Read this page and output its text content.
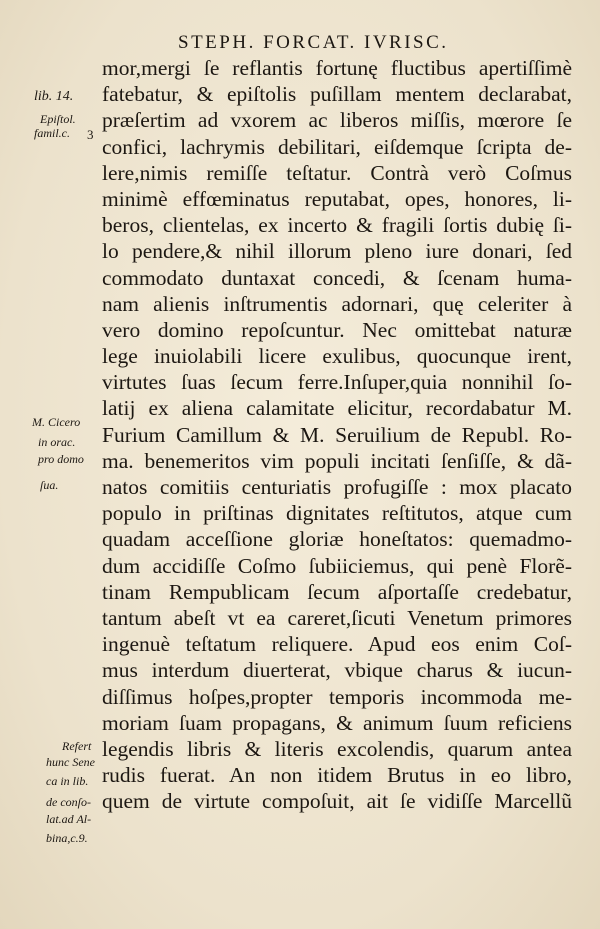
STEPH. FORCAT. IVRISC.
mor,mergi ſe reflantis fortunę fluctibus apertiſſimè
fatebatur, & epiſtolis puſillam mentem declarabat,
præſertim ad vxorem ac liberos miſſis, mœrore ſe
confici, lachrymis debilitari, eiſdemque ſcripta de-
lere,nimis remiſſe teſtatur. Contrà verò Coſmus
minimè effœminatus reputabat, opes, honores, li-
beros, clientelas, ex incerto & fragili ſortis dubię ſi-
lo pendere,& nihil illorum pleno iure donari, ſed
commodato duntaxat concedi, & ſcenam huma-
nam alienis inſtrumentis adornari, quę celeriter à
vero domino repoſcuntur. Nec omittebat naturæ
lege inuiolabili licere exulibus, quocunque irent,
virtutes ſuas ſecum ferre.Inſuper,quia nonnihil ſo-
latij ex aliena calamitate elicitur, recordabatur M.
Furium Camillum & M. Seruilium de Republ. Ro-
ma. benemeritos vim populi incitati ſenſiſſe, & dã-
natos comitiis centuriatis profugiſſe : mox placato
populo in priſtinas dignitates reſtitutos, atque cum
quadam acceſſione gloriæ honeſtatos: quemadmo-
dum accidiſſe Coſmo ſubiiciemus, qui penè Florẽ-
tinam Rempublicam ſecum aſportaſſe credebatur,
tantum abeſt vt ea careret,ſicuti Venetum primores
ingenuè teſtatum reliquere. Apud eos enim Coſ-
mus interdum diuerterat, vbique charus & iucun-
diſſimus hoſpes,propter temporis incommoda me-
moriam ſuam propagans, & animum ſuum reficiens
legendis libris & literis excolendis, quarum antea
rudis fuerat. An non itidem Brutus in eo libro,
quem de virtute compoſuit, ait ſe vidiſſe Marcellũ
lib. 14.
Epiſtol.
famil.c. 3
M. Cicero
in orac.
pro domo
ſua.
Refert
hunc Sene
ca in lib.
de conſo-
lat.ad Al-
bina,c.9.
